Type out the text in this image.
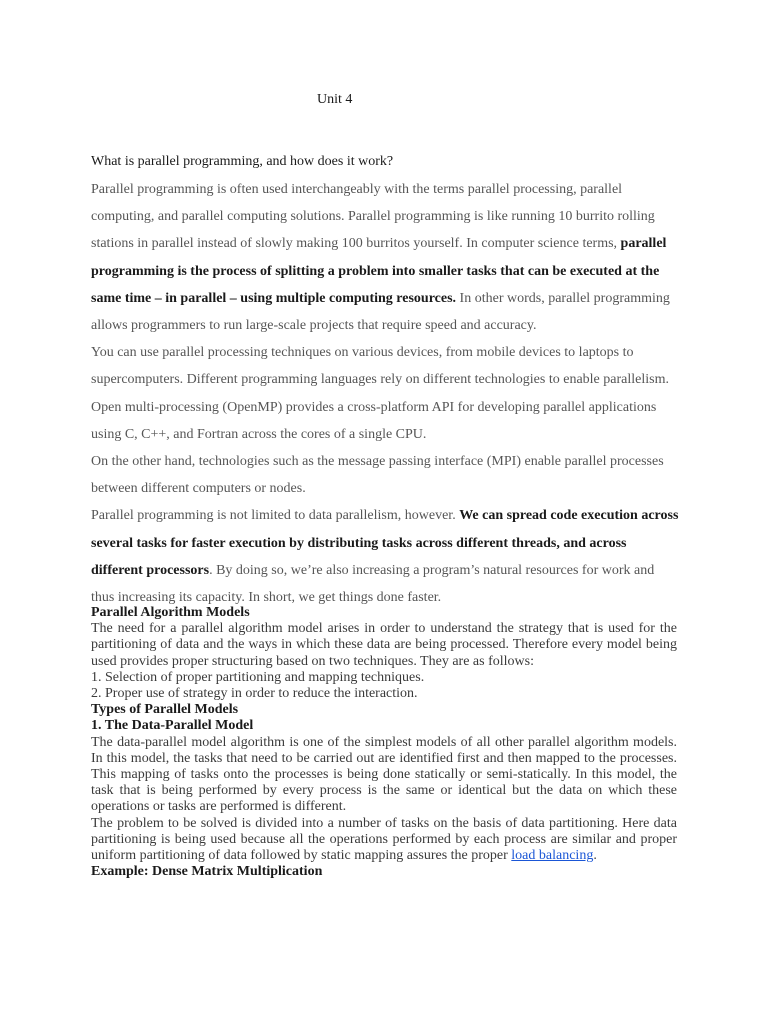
Unit 4
What is parallel programming, and how does it work?

Parallel programming is often used interchangeably with the terms parallel processing, parallel computing, and parallel computing solutions. Parallel programming is like running 10 burrito rolling stations in parallel instead of slowly making 100 burritos yourself. In computer science terms, parallel programming is the process of splitting a problem into smaller tasks that can be executed at the same time – in parallel – using multiple computing resources. In other words, parallel programming allows programmers to run large-scale projects that require speed and accuracy.

You can use parallel processing techniques on various devices, from mobile devices to laptops to supercomputers. Different programming languages rely on different technologies to enable parallelism. Open multi-processing (OpenMP) provides a cross-platform API for developing parallel applications using C, C++, and Fortran across the cores of a single CPU.

On the other hand, technologies such as the message passing interface (MPI) enable parallel processes between different computers or nodes.

Parallel programming is not limited to data parallelism, however. We can spread code execution across several tasks for faster execution by distributing tasks across different threads, and across different processors. By doing so, we’re also increasing a program’s natural resources for work and thus increasing its capacity. In short, we get things done faster.

Parallel Algorithm Models

The need for a parallel algorithm model arises in order to understand the strategy that is used for the partitioning of data and the ways in which these data are being processed. Therefore every model being used provides proper structuring based on two techniques. They are as follows:

1. Selection of proper partitioning and mapping techniques.

2. Proper use of strategy in order to reduce the interaction.

Types of Parallel Models

1. The Data-Parallel Model

The data-parallel model algorithm is one of the simplest models of all other parallel algorithm models. In this model, the tasks that need to be carried out are identified first and then mapped to the processes. This mapping of tasks onto the processes is being done statically or semi-statically. In this model, the task that is being performed by every process is the same or identical but the data on which these operations or tasks are performed is different.

The problem to be solved is divided into a number of tasks on the basis of data partitioning. Here data partitioning is being used because all the operations performed by each process are similar and proper uniform partitioning of data followed by static mapping assures the proper load balancing.

Example: Dense Matrix Multiplication
